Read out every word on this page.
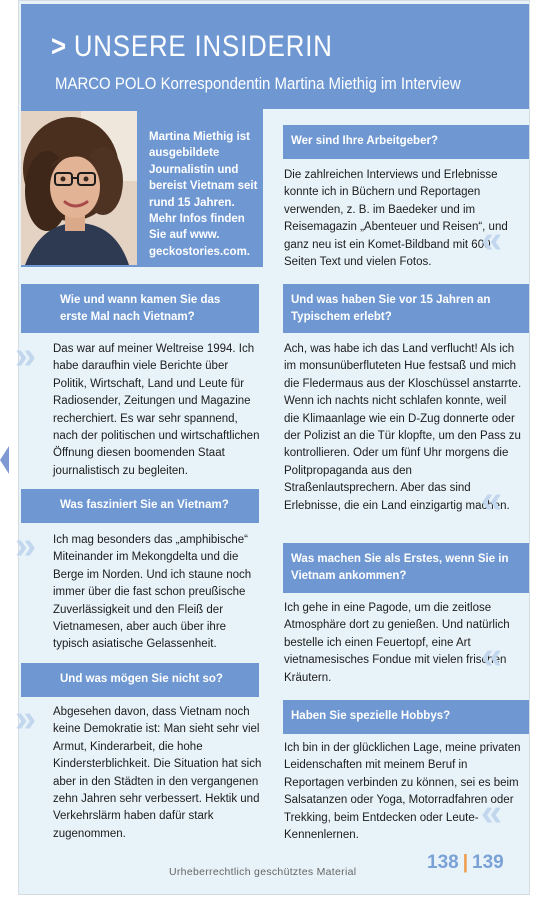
> UNSERE INSIDERIN
MARCO POLO Korrespondentin Martina Miethig im Interview
Martina Miethig ist ausgebildete Journalistin und bereist Vietnam seit rund 15 Jahren. Mehr Infos finden Sie auf www. geckostories.com.
Wer sind Ihre Arbeitgeber?
Die zahlreichen Interviews und Erlebnisse konnte ich in Büchern und Reportagen verwenden, z. B. im Baedeker und im Reisemagazin „Abenteuer und Reisen“, und ganz neu ist ein Komet-Bildband mit 600 Seiten Text und vielen Fotos.
«
Und was haben Sie vor 15 Jahren an Typischem erlebt?
Ach, was habe ich das Land verflucht! Als ich im monsunüberfluteten Hue festsaß und mich die Fledermaus aus der Kloschüssel anstarrte. Wenn ich nachts nicht schlafen konnte, weil die Klimaanlage wie ein D-Zug donnerte oder der Polizist an die Tür klopfte, um den Pass zu kontrollieren. Oder um fünf Uhr morgens die Politpropaganda aus den Straßenlautsprechern. Aber das sind Erlebnisse, die ein Land einzigartig machen.
«
Was machen Sie als Erstes, wenn Sie in Vietnam ankommen?
Ich gehe in eine Pagode, um die zeitlose Atmosphäre dort zu genießen. Und natürlich bestelle ich einen Feuertopf, eine Art vietnamesisches Fondue mit vielen frischen Kräutern.
«
Haben Sie spezielle Hobbys?
Ich bin in der glücklichen Lage, meine privaten Leidenschaften mit meinem Beruf in Reportagen verbinden zu können, sei es beim Salsatanzen oder Yoga, Motorradfahren oder Trekking, beim Entdecken oder Leute-Kennenlernen.
«
Wie und wann kamen Sie das erste Mal nach Vietnam?
« Das war auf meiner Weltreise 1994. Ich habe daraufhin viele Berichte über Politik, Wirtschaft, Land und Leute für Radiosender, Zeitungen und Magazine recherchiert. Es war sehr spannend, nach der politischen und wirtschaftlichen Öffnung diesen boomenden Staat journalistisch zu begleiten.
Was fasziniert Sie an Vietnam?
« Ich mag besonders das „amphibische“ Miteinander im Mekongdelta und die Berge im Norden. Und ich staune noch immer über die fast schon preußische Zuverlässigkeit und den Fleiß der Vietnamesen, aber auch über ihre typisch asiatische Gelassenheit.
Und was mögen Sie nicht so?
« Abgesehen davon, dass Vietnam noch keine Demokratie ist: Man sieht sehr viel Armut, Kinderarbeit, die hohe Kindersterblichkeit. Die Situation hat sich aber in den Städten in den vergangenen zehn Jahren sehr verbessert. Hektik und Verkehrslärm haben dafür stark zugenommen.
Urheberrechtlich geschütztes Material	138 | 139
